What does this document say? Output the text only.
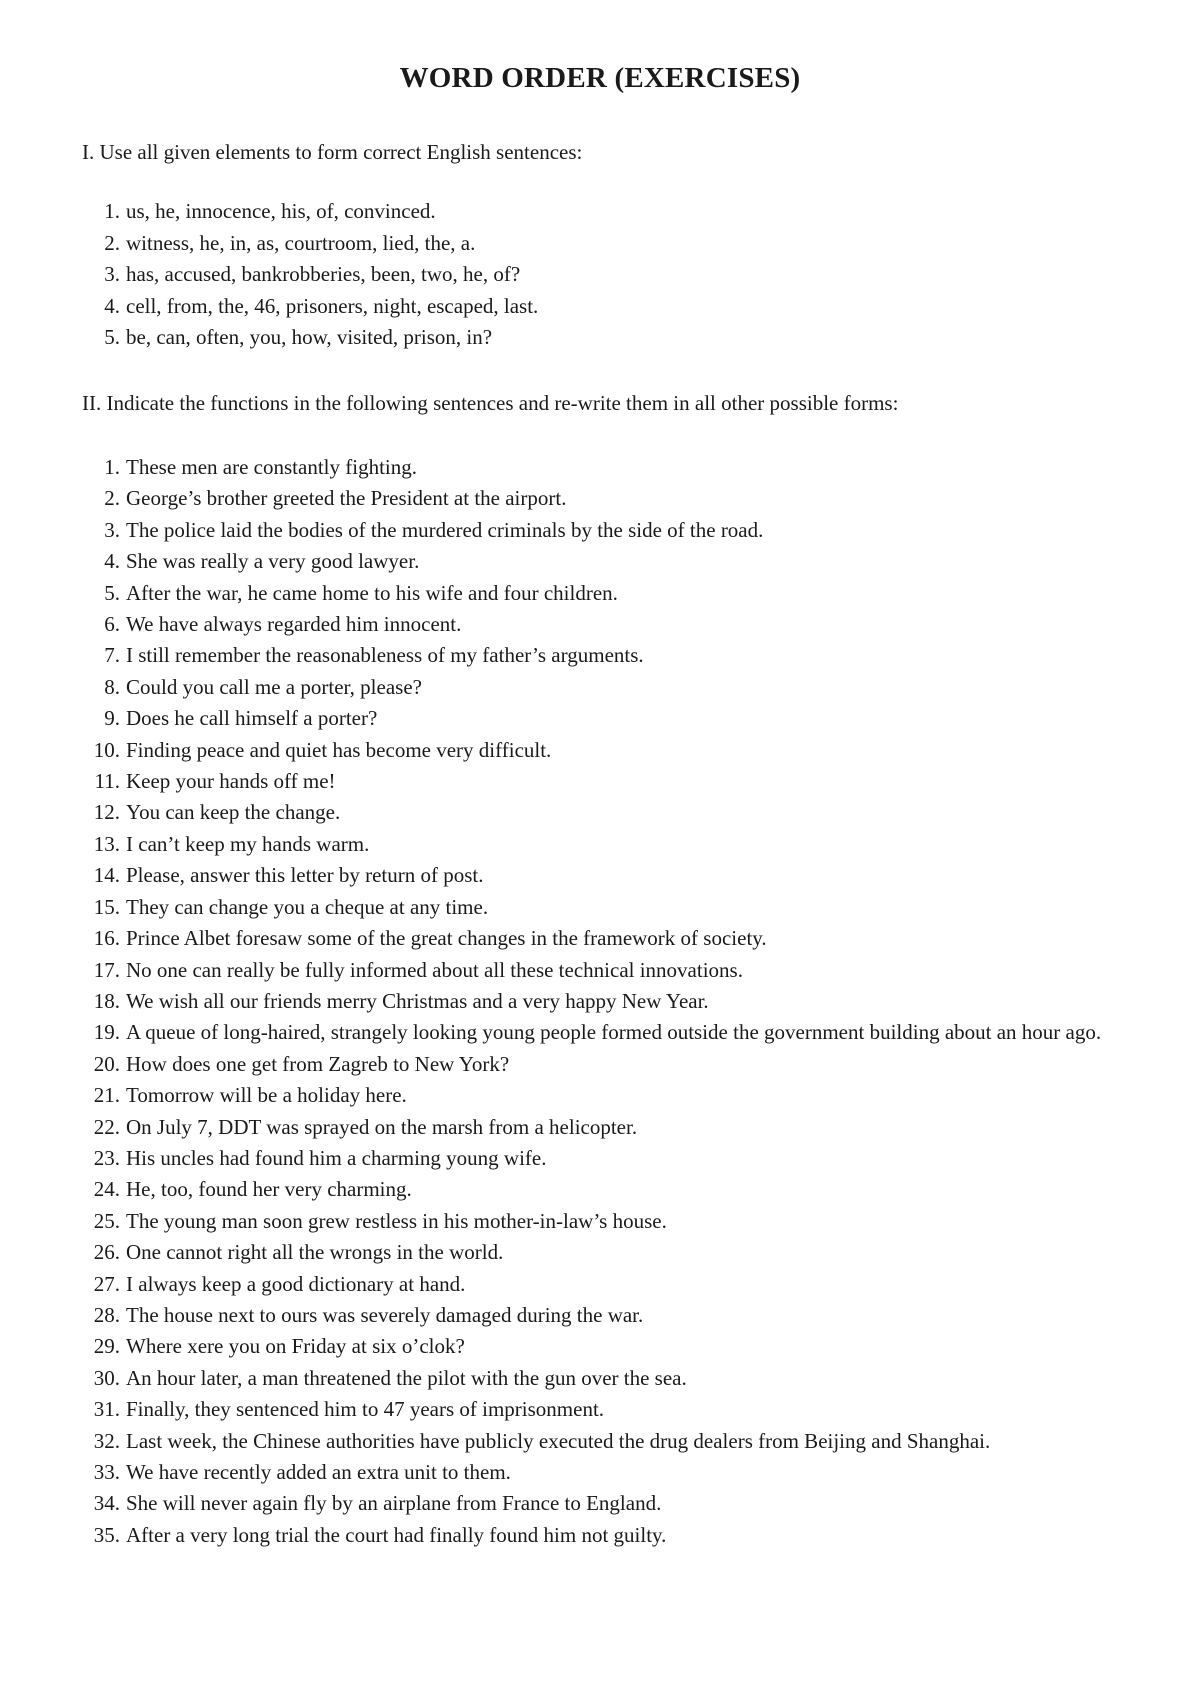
WORD ORDER (EXERCISES)

I. Use all given elements to form correct English sentences:

1. us, he, innocence, his, of, convinced.
2. witness, he, in, as, courtroom, lied, the, a.
3. has, accused, bankrobberies, been, two, he, of?
4. cell, from, the, 46, prisoners, night, escaped, last.
5. be, can, often, you, how, visited, prison, in?

II. Indicate the functions in the following sentences and re-write them in all other possible forms:

1. These men are constantly fighting.
2. George’s brother greeted the President at the airport.
3. The police laid the bodies of the murdered criminals by the side of the road.
4. She was really a very good lawyer.
5. After the war, he came home to his wife and four children.
6. We have always regarded him innocent.
7. I still remember the reasonableness of my father’s arguments.
8. Could you call me a porter, please?
9. Does he call himself a porter?
10. Finding peace and quiet has become very difficult.
11. Keep your hands off me!
12. You can keep the change.
13. I can’t keep my hands warm.
14. Please, answer this letter by return of post.
15. They can change you a cheque at any time.
16. Prince Albet foresaw some of the great changes in the framework of society.
17. No one can really be fully informed about all these technical innovations.
18. We wish all our friends merry Christmas and a very happy New Year.
19. A queue of long-haired, strangely looking young people formed outside the government building about an hour ago.
20. How does one get from Zagreb to New York?
21. Tomorrow will be a holiday here.
22. On July 7, DDT was sprayed on the marsh from a helicopter.
23. His uncles had found him a charming young wife.
24. He, too, found her very charming.
25. The young man soon grew restless in his mother-in-law’s house.
26. One cannot right all the wrongs in the world.
27. I always keep a good dictionary at hand.
28. The house next to ours was severely damaged during the war.
29. Where xere you on Friday at six o’clok?
30. An hour later, a man threatened the pilot with the gun over the sea.
31. Finally, they sentenced him to 47 years of imprisonment.
32. Last week, the Chinese authorities have publicly executed the drug dealers from Beijing and Shanghai.
33. We have recently added an extra unit to them.
34. She will never again fly by an airplane from France to England.
35. After a very long trial the court had finally found him not guilty.
